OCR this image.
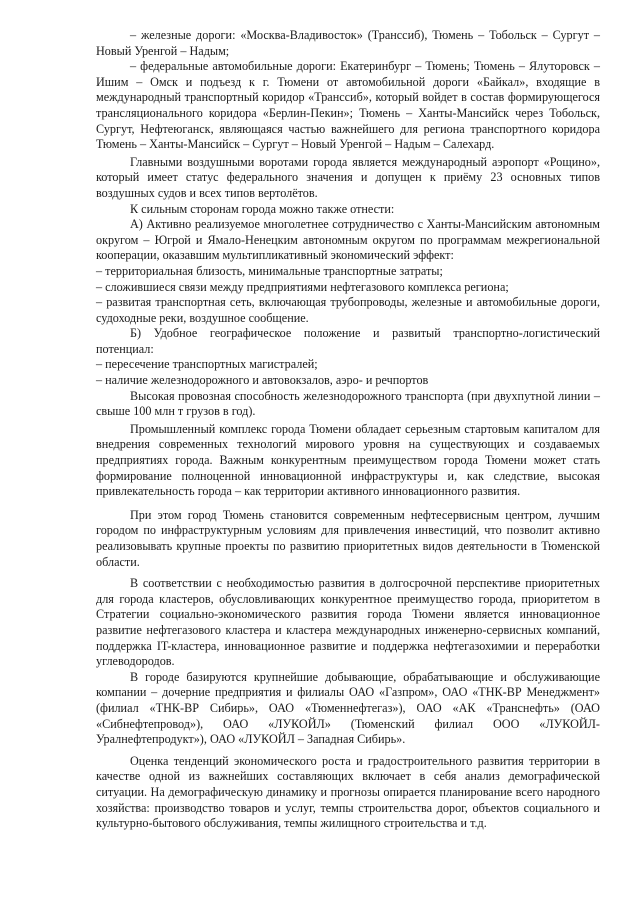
– железные дороги: «Москва-Владивосток» (Транссиб), Тюмень – Тобольск – Сургут – Новый Уренгой – Надым;

– федеральные автомобильные дороги: Екатеринбург – Тюмень; Тюмень – Ялуторовск – Ишим – Омск и подъезд к г. Тюмени от автомобильной дороги «Байкал», входящие в международный транспортный коридор «Транссиб», который войдет в состав формирующегося трансляционального коридора «Берлин-Пекин»; Тюмень – Ханты-Мансийск через Тобольск, Сургут, Нефтеюганск, являющаяся частью важнейшего для региона транспортного коридора Тюмень – Ханты-Мансийск – Сургут – Новый Уренгой – Надым – Салехард.

Главными воздушными воротами города является международный аэропорт «Рощино», который имеет статус федерального значения и допущен к приёму 23 основных типов воздушных судов и всех типов вертолётов.

К сильным сторонам города можно также отнести:

А) Активно реализуемое многолетнее сотрудничество с Ханты-Мансийским автономным округом – Югрой и Ямало-Ненецким автономным округом по программам межрегиональной кооперации, оказавшим мультипликативный экономический эффект:

– территориальная близость, минимальные транспортные затраты;

– сложившиеся связи между предприятиями нефтегазового комплекса региона;

– развитая транспортная сеть, включающая трубопроводы, железные и автомобильные дороги, судоходные реки, воздушное сообщение.

Б) Удобное географическое положение и развитый транспортно-логистический потенциал:

– пересечение транспортных магистралей;

– наличие железнодорожного и автовокзалов, аэро- и речпортов

Высокая провозная способность железнодорожного транспорта (при двухпутной линии – свыше 100 млн т грузов в год).

Промышленный комплекс города Тюмени обладает серьезным стартовым капиталом для внедрения современных технологий мирового уровня на существующих и создаваемых предприятиях города. Важным конкурентным преимуществом города Тюмени может стать формирование полноценной инновационной инфраструктуры и, как следствие, высокая привлекательность города – как территории активного инновационного развития.

При этом город Тюмень становится современным нефтесервисным центром, лучшим городом по инфраструктурным условиям для привлечения инвестиций, что позволит активно реализовывать крупные проекты по развитию приоритетных видов деятельности в Тюменской области.

В соответствии с необходимостью развития в долгосрочной перспективе приоритетных для города кластеров, обусловливающих конкурентное преимущество города, приоритетом в Стратегии социально-экономического развития города Тюмени является инновационное развитие нефтегазового кластера и кластера международных инженерно-сервисных компаний, поддержка IT-кластера, инновационное развитие и поддержка нефтегазохимии и переработки углеводородов.

В городе базируются крупнейшие добывающие, обрабатывающие и обслуживающие компании – дочерние предприятия и филиалы ОАО «Газпром», ОАО «ТНК-ВР Менеджмент» (филиал «ТНК-ВР Сибирь», ОАО «Тюменнефтегаз»), ОАО «АК «Транснефть» (ОАО «Сибнефтепровод»), ОАО «ЛУКОЙЛ» (Тюменский филиал ООО «ЛУКОЙЛ-Уралнефтепродукт»), ОАО «ЛУКОЙЛ – Западная Сибирь».

Оценка тенденций экономического роста и градостроительного развития территории в качестве одной из важнейших составляющих включает в себя анализ демографической ситуации. На демографическую динамику и прогнозы опирается планирование всего народного хозяйства: производство товаров и услуг, темпы строительства дорог, объектов социального и культурно-бытового обслуживания, темпы жилищного строительства и т.д.
